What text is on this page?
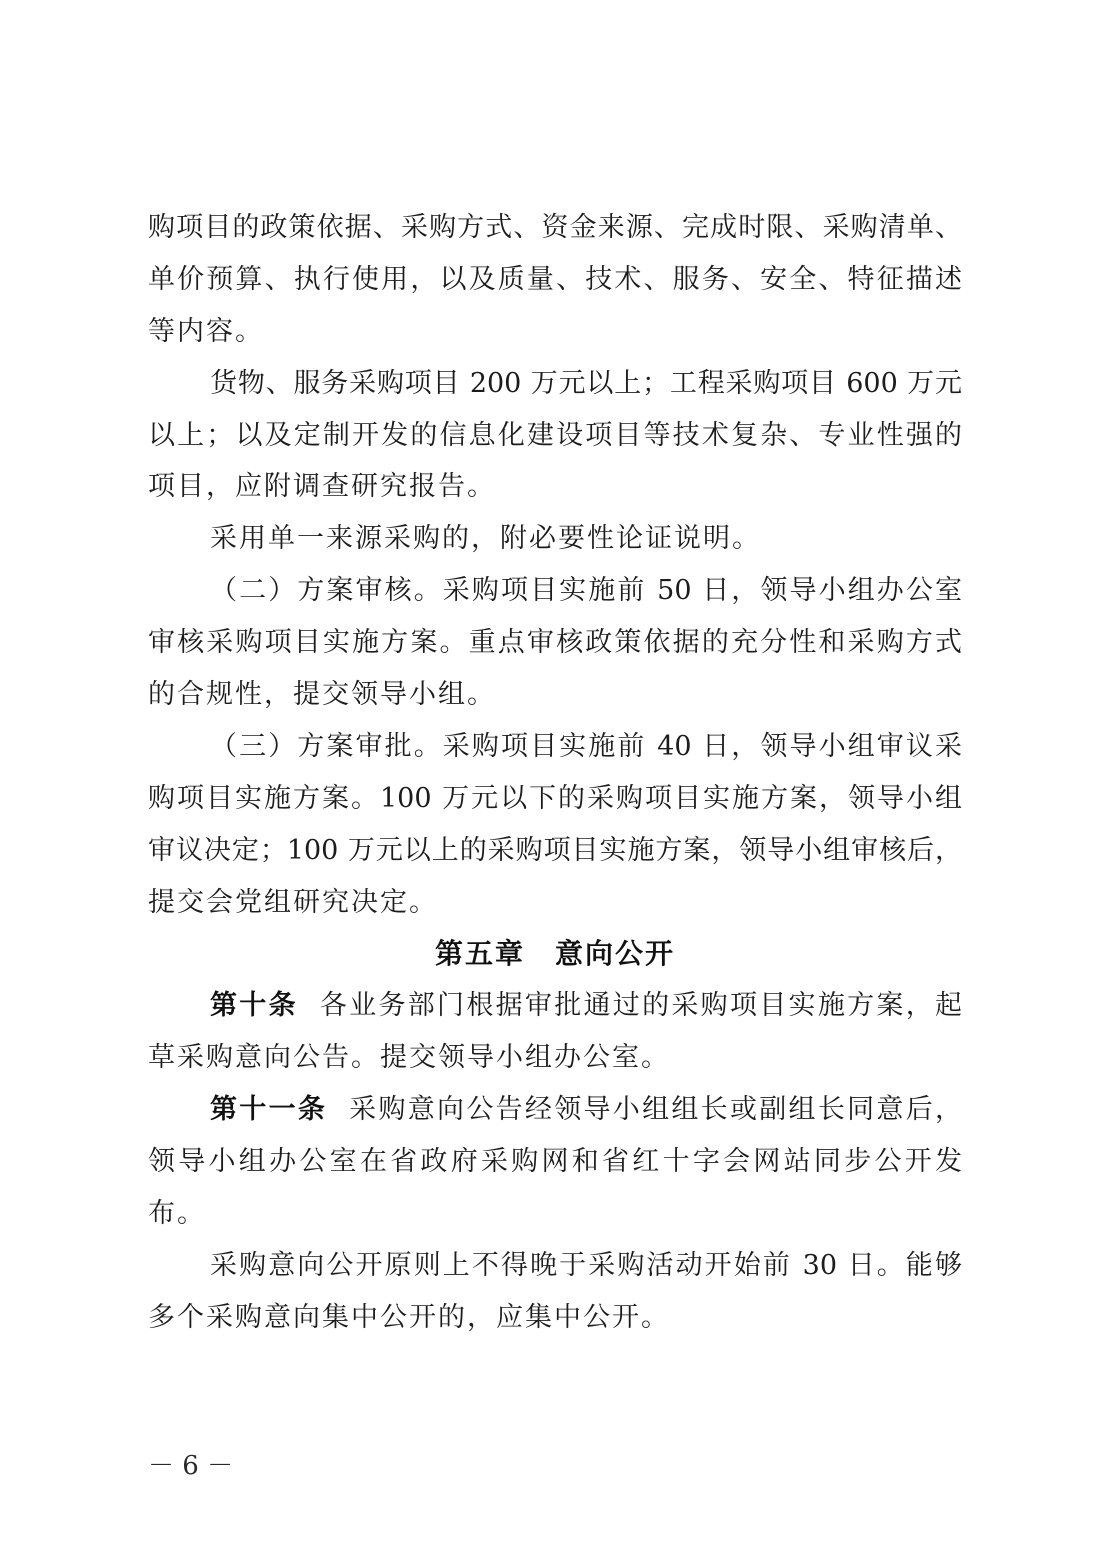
购项目的政策依据、采购方式、资金来源、完成时限、采购清单、
单价预算、执行使用，以及质量、技术、服务、安全、特征描述
等内容。
货物、服务采购项目 200 万元以上；工程采购项目 600 万元
以上；以及定制开发的信息化建设项目等技术复杂、专业性强的
项目，应附调查研究报告。
采用单一来源采购的，附必要性论证说明。
（二）方案审核。采购项目实施前 50 日，领导小组办公室
审核采购项目实施方案。重点审核政策依据的充分性和采购方式
的合规性，提交领导小组。
（三）方案审批。采购项目实施前 40 日，领导小组审议采
购项目实施方案。100 万元以下的采购项目实施方案，领导小组
审议决定；100 万元以上的采购项目实施方案，领导小组审核后，
提交会党组研究决定。
第五章　意向公开
第十条 各业务部门根据审批通过的采购项目实施方案，起
草采购意向公告。提交领导小组办公室。
第十一条 采购意向公告经领导小组组长或副组长同意后，
领导小组办公室在省政府采购网和省红十字会网站同步公开发
布。
采购意向公开原则上不得晚于采购活动开始前 30 日。能够
多个采购意向集中公开的，应集中公开。
－ 6 －
